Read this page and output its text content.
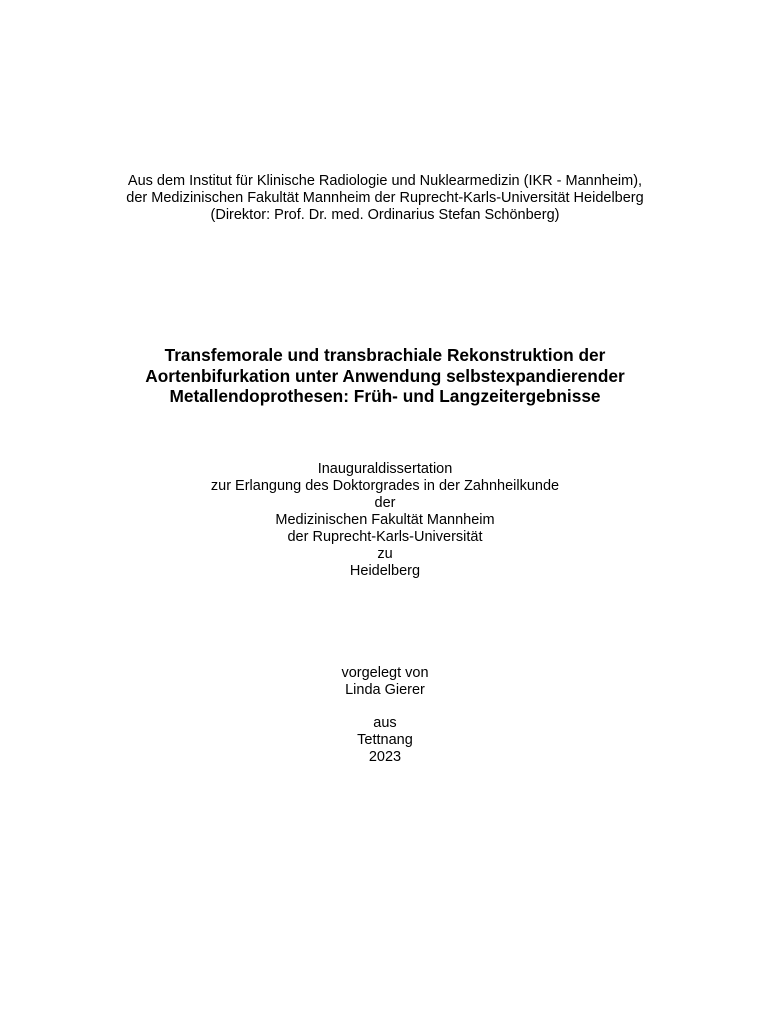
Aus dem Institut für Klinische Radiologie und Nuklearmedizin (IKR - Mannheim),
der Medizinischen Fakultät Mannheim der Ruprecht-Karls-Universität Heidelberg
(Direktor: Prof. Dr. med. Ordinarius Stefan Schönberg)
Transfemorale und transbrachiale Rekonstruktion der
Aortenbifurkation unter Anwendung selbstexpandierender
Metallendoprothesen: Früh- und Langzeitergebnisse
Inauguraldissertation
zur Erlangung des Doktorgrades in der Zahnheilkunde
der
Medizinischen Fakultät Mannheim
der Ruprecht-Karls-Universität
zu
Heidelberg
vorgelegt von
Linda Gierer
aus
Tettnang
2023
